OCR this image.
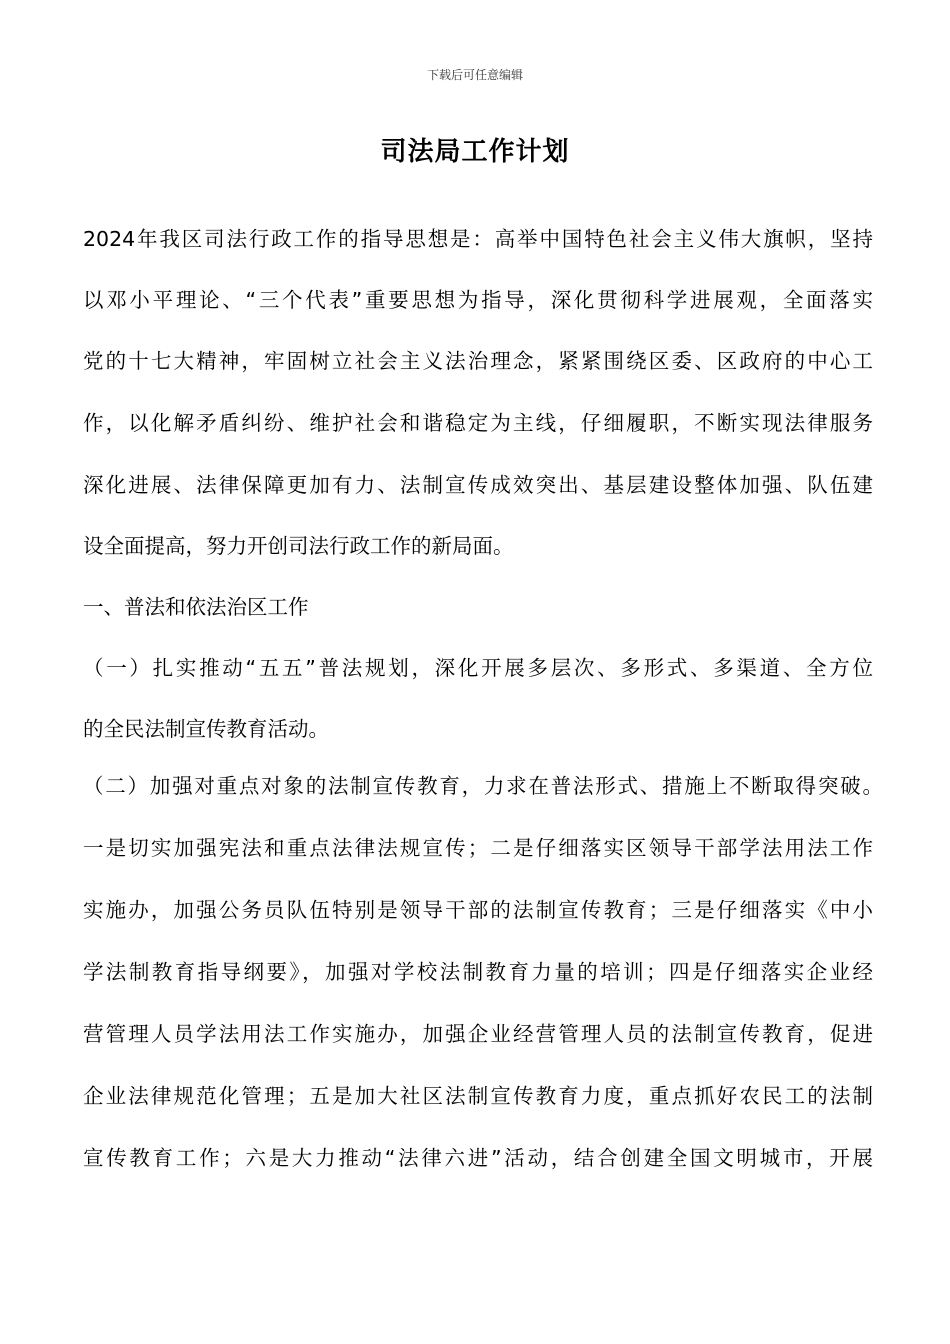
下载后可任意编辑
司法局工作计划
2024年我区司法行政工作的指导思想是：高举中国特色社会主义伟大旗帜，坚持
以邓小平理论、“三个代表”重要思想为指导，深化贯彻科学进展观，全面落实
党的十七大精神，牢固树立社会主义法治理念，紧紧围绕区委、区政府的中心工
作，以化解矛盾纠纷、维护社会和谐稳定为主线，仔细履职，不断实现法律服务
深化进展、法律保障更加有力、法制宣传成效突出、基层建设整体加强、队伍建
设全面提高，努力开创司法行政工作的新局面。
一、普法和依法治区工作
（一）扎实推动“五五”普法规划，深化开展多层次、多形式、多渠道、全方位
的全民法制宣传教育活动。
（二）加强对重点对象的法制宣传教育，力求在普法形式、措施上不断取得突破。
一是切实加强宪法和重点法律法规宣传；二是仔细落实区领导干部学法用法工作
实施办，加强公务员队伍特别是领导干部的法制宣传教育；三是仔细落实《中小
学法制教育指导纲要》，加强对学校法制教育力量的培训；四是仔细落实企业经
营管理人员学法用法工作实施办，加强企业经营管理人员的法制宣传教育，促进
企业法律规范化管理；五是加大社区法制宣传教育力度，重点抓好农民工的法制
宣传教育工作；六是大力推动“法律六进”活动，结合创建全国文明城市，开展
